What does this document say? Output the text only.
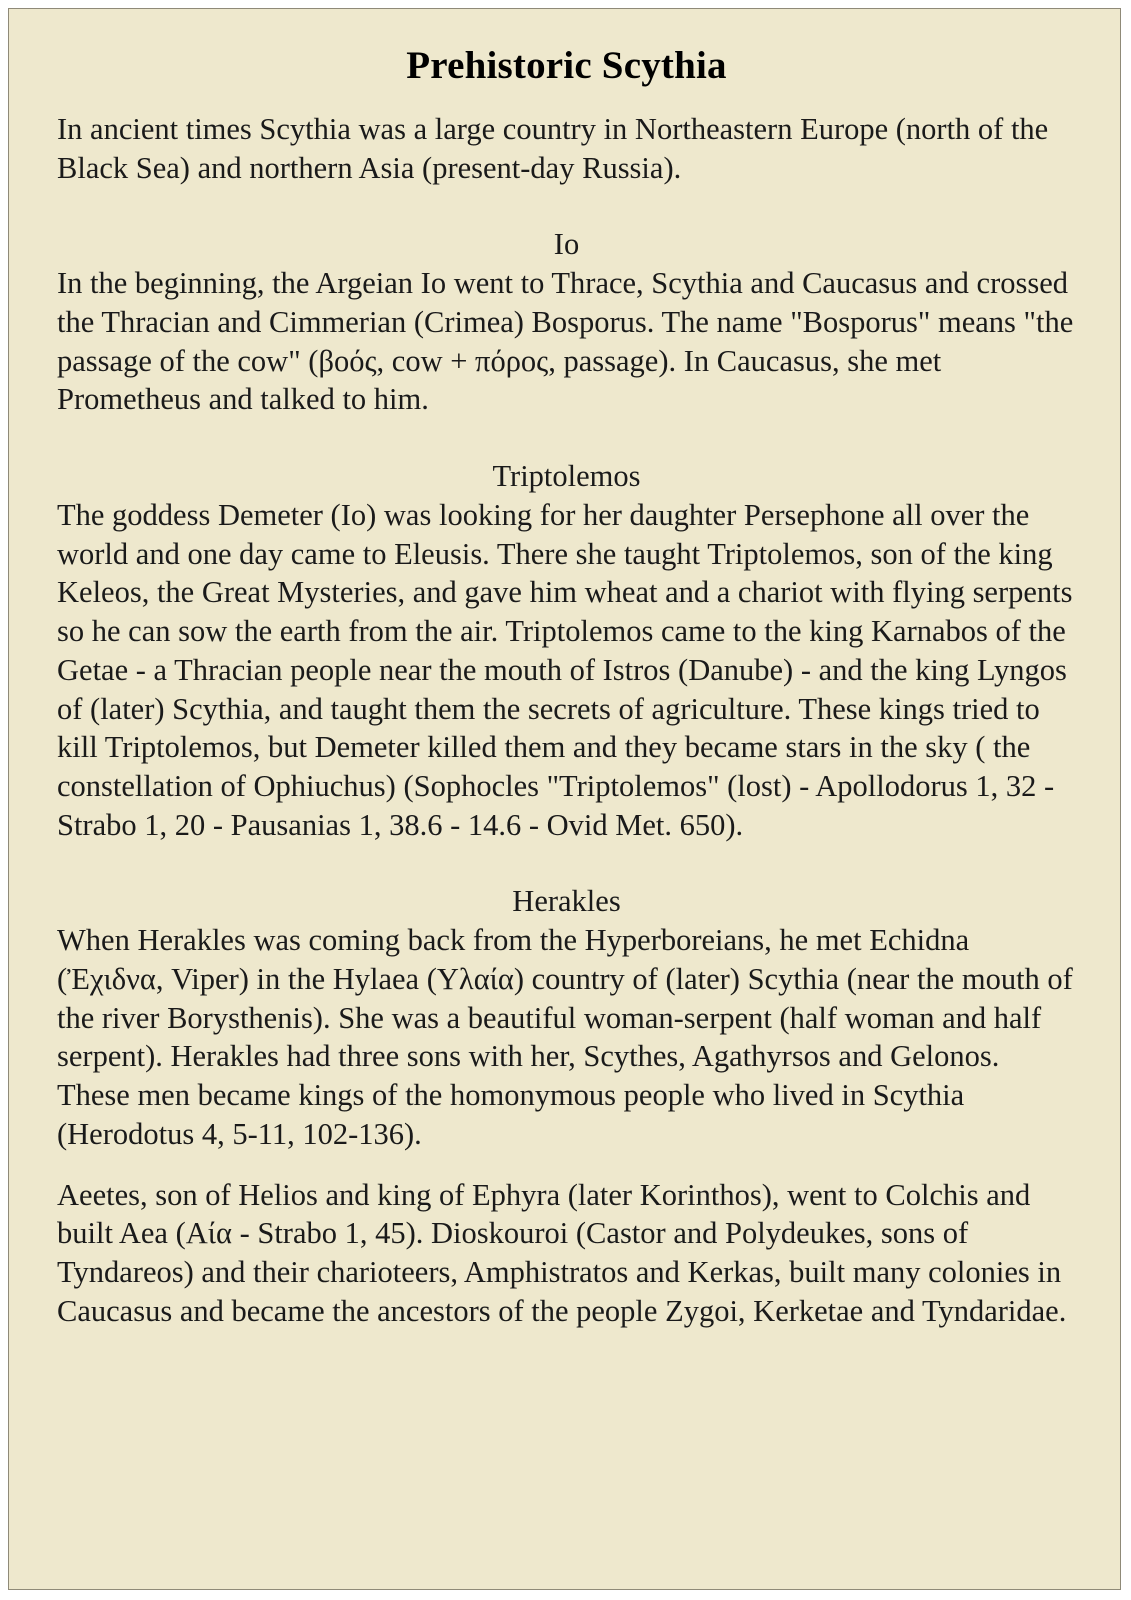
Prehistoric Scythia

In ancient times Scythia was a large country in Northeastern Europe (north of the Black Sea) and northern Asia (present-day Russia).

Io

In the beginning, the Argeian Io went to Thrace, Scythia and Caucasus and crossed the Thracian and Cimmerian (Crimea) Bosporus. The name "Bosporus" means "the passage of the cow" (βοός, cow + πόρος, passage). In Caucasus, she met Prometheus and talked to him.

Triptolemos

The goddess Demeter (Io) was looking for her daughter Persephone all over the world and one day came to Eleusis. There she taught Triptolemos, son of the king Keleos, the Great Mysteries, and gave him wheat and a chariot with flying serpents so he can sow the earth from the air. Triptolemos came to the king Karnabos of the Getae - a Thracian people near the mouth of Istros (Danube) - and the king Lyngos of (later) Scythia, and taught them the secrets of agriculture. These kings tried to kill Triptolemos, but Demeter killed them and they became stars in the sky ( the constellation of Ophiuchus) (Sophocles "Triptolemos" (lost) - Apollodorus 1, 32 - Strabo 1, 20 - Pausanias 1, 38.6 - 14.6 - Ovid Met. 650).

Herakles

When Herakles was coming back from the Hyperboreians, he met Echidna (Ἐχιδνα, Viper) in the Hylaea (Υλαία) country of (later) Scythia (near the mouth of the river Borysthenis). She was a beautiful woman-serpent (half woman and half serpent). Herakles had three sons with her, Scythes, Agathyrsos and Gelonos. These men became kings of the homonymous people who lived in Scythia (Herodotus 4, 5-11, 102-136).

Aeetes, son of Helios and king of Ephyra (later Korinthos), went to Colchis and built Aea (Αία - Strabo 1, 45). Dioskouroi (Castor and Polydeukes, sons of Tyndareos) and their charioteers, Amphistratos and Kerkas, built many colonies in Caucasus and became the ancestors of the people Zygoi, Kerketae and Tyndaridae.
